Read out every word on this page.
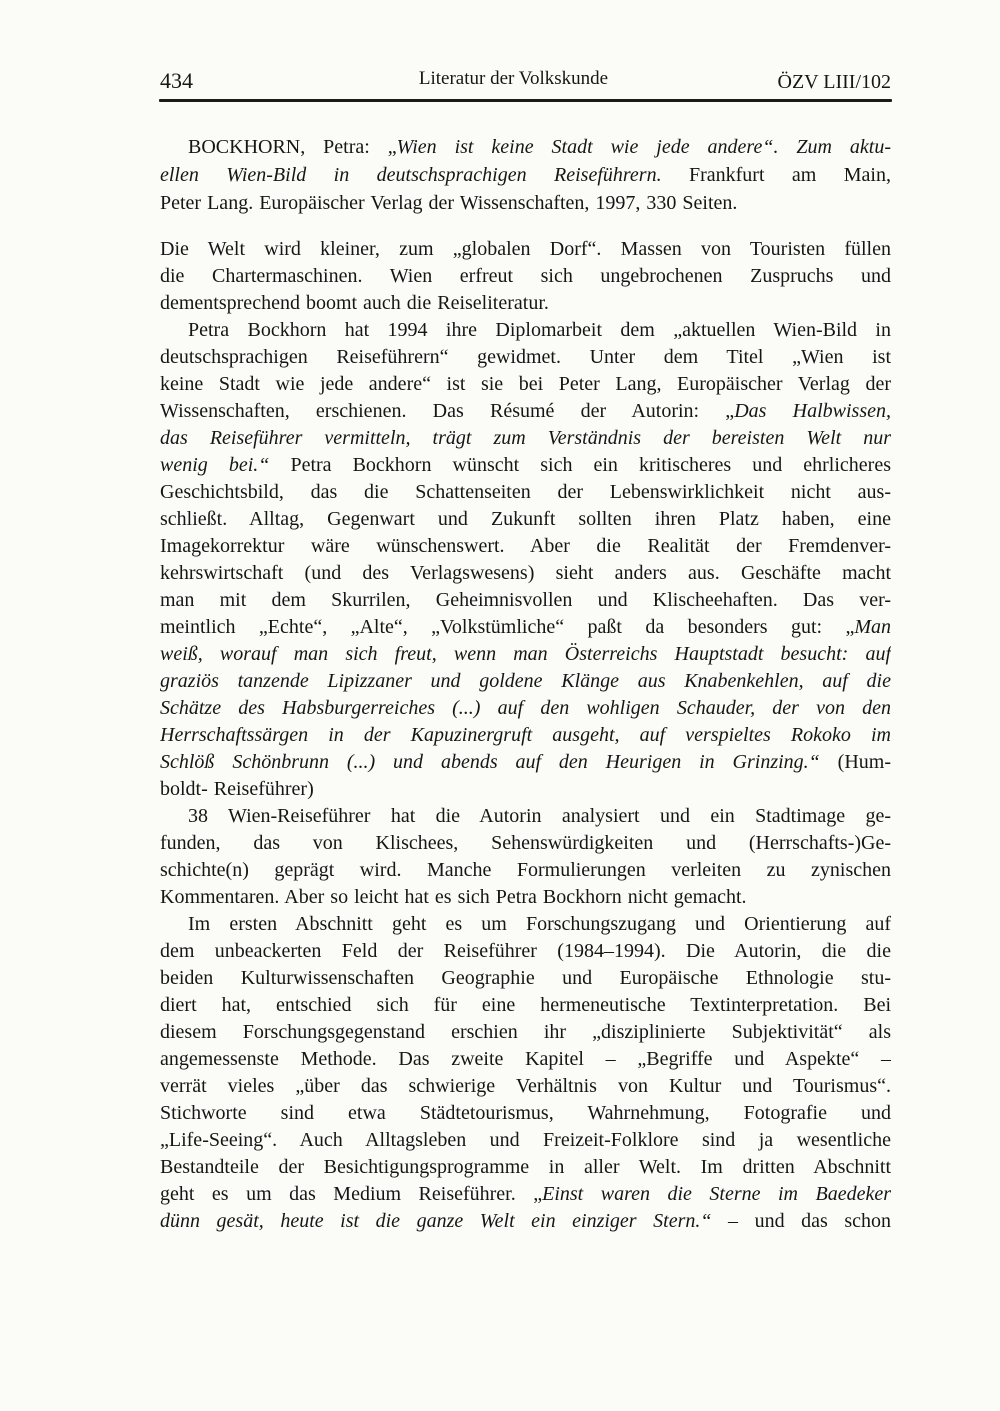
434	Literatur der Volkskunde	ÖZV LIII/102
BOCKHORN, Petra: „Wien ist keine Stadt wie jede andere“. Zum aktu-
ellen Wien-Bild in deutschsprachigen Reiseführern. Frankfurt am Main,
Peter Lang. Europäischer Verlag der Wissenschaften, 1997, 330 Seiten.
Die Welt wird kleiner, zum „globalen Dorf“. Massen von Touristen füllen
die Chartermaschinen. Wien erfreut sich ungebrochenen Zuspruchs und
dementsprechend boomt auch die Reiseliteratur.
Petra Bockhorn hat 1994 ihre Diplomarbeit dem „aktuellen Wien-Bild in
deutschsprachigen Reiseführern“ gewidmet. Unter dem Titel „Wien ist
keine Stadt wie jede andere“ ist sie bei Peter Lang, Europäischer Verlag der
Wissenschaften, erschienen. Das Résumé der Autorin: „Das Halbwissen,
das Reiseführer vermitteln, trägt zum Verständnis der bereisten Welt nur
wenig bei.“ Petra Bockhorn wünscht sich ein kritischeres und ehrlicheres
Geschichtsbild, das die Schattenseiten der Lebenswirklichkeit nicht aus-
schließt. Alltag, Gegenwart und Zukunft sollten ihren Platz haben, eine
Imagekorrektur wäre wünschenswert. Aber die Realität der Fremdenver-
kehrswirtschaft (und des Verlagswesens) sieht anders aus. Geschäfte macht
man mit dem Skurrilen, Geheimnisvollen und Klischeehaften. Das ver-
meintlich „Echte“, „Alte“, „Volkstümliche“ paßt da besonders gut: „Man
weiß, worauf man sich freut, wenn man Österreichs Hauptstadt besucht: auf
graziös tanzende Lipizzaner und goldene Klänge aus Knabenkehlen, auf die
Schätze des Habsburgerreiches (...) auf den wohligen Schauder, der von den
Herrschaftssärgen in der Kapuzinergruft ausgeht, auf verspieltes Rokoko im
Schlöß Schönbrunn (...) und abends auf den Heurigen in Grinzing.“ (Hum-
boldt- Reiseführer)
38 Wien-Reiseführer hat die Autorin analysiert und ein Stadtimage ge-
funden, das von Klischees, Sehenswürdigkeiten und (Herrschafts-)Ge-
schichte(n) geprägt wird. Manche Formulierungen verleiten zu zynischen
Kommentaren. Aber so leicht hat es sich Petra Bockhorn nicht gemacht.
Im ersten Abschnitt geht es um Forschungszugang und Orientierung auf
dem unbeackerten Feld der Reiseführer (1984–1994). Die Autorin, die die
beiden Kulturwissenschaften Geographie und Europäische Ethnologie stu-
diert hat, entschied sich für eine hermeneutische Textinterpretation. Bei
diesem Forschungsgegenstand erschien ihr „disziplinierte Subjektivität“ als
angemessenste Methode. Das zweite Kapitel – „Begriffe und Aspekte“ –
verrät vieles „über das schwierige Verhältnis von Kultur und Tourismus“.
Stichworte sind etwa Städtetourismus, Wahrnehmung, Fotografie und
„Life-Seeing“. Auch Alltagsleben und Freizeit-Folklore sind ja wesentliche
Bestandteile der Besichtigungsprogramme in aller Welt. Im dritten Abschnitt
geht es um das Medium Reiseführer. „Einst waren die Sterne im Baedeker
dünn gesät, heute ist die ganze Welt ein einziger Stern.“ – und das schon
